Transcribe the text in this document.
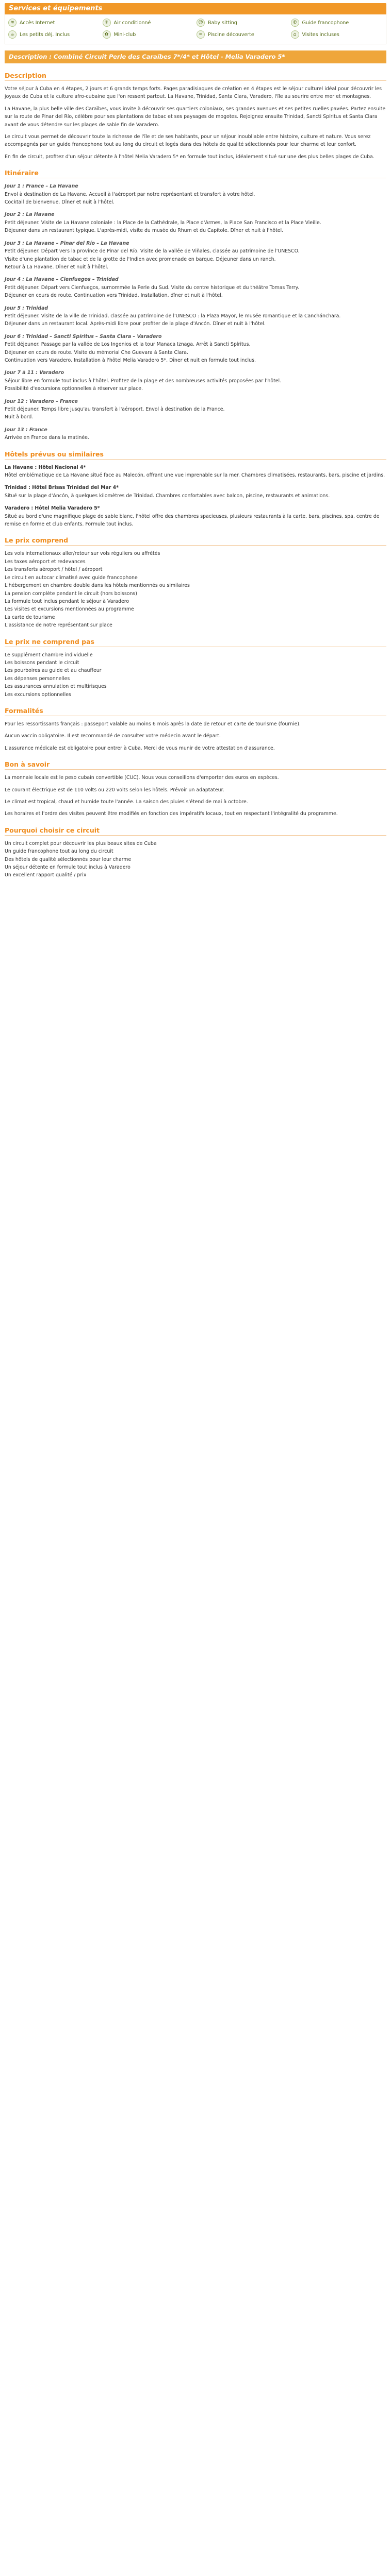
Services et équipements
≋	Accès Internet	✳	Air conditionné	☺ Baby sitting	✆	Guide francophone
☕	Les petits déj. Inclus	✿	Mini-club	≈	Piscine découverte	⌂	Visites incluses
Description : Combiné Circuit Perle des Caraïbes 7*/4* et Hôtel - Melia Varadero 5*
Description

Votre séjour à Cuba en 4 étapes, 2 jours et 6 grands temps forts. Pages paradisiaques de création en 4 étapes est le séjour culturel idéal pour découvrir les joyaux de Cuba et la culture afro-cubaine que l'on ressent partout. La Havane, Trinidad, Santa Clara, Varadero, l'île au sourire entre mer et montagnes.

La Havane, la plus belle ville des Caraïbes, vous invite à découvrir ses quartiers coloniaux, ses grandes avenues et ses petites ruelles pavées. Partez ensuite sur la route de Pinar del Río, célèbre pour ses plantations de tabac et ses paysages de mogotes. Rejoignez ensuite Trinidad, Sancti Spíritus et Santa Clara avant de vous détendre sur les plages de sable fin de Varadero.

Le circuit vous permet de découvrir toute la richesse de l'île et de ses habitants, pour un séjour inoubliable entre histoire, culture et nature. Vous serez accompagnés par un guide francophone tout au long du circuit et logés dans des hôtels de qualité sélectionnés pour leur charme et leur confort.

En fin de circuit, profitez d'un séjour détente à l'hôtel Melia Varadero 5* en formule tout inclus, idéalement situé sur une des plus belles plages de Cuba.

Itinéraire
Jour 1 : France – La Havane
Envol à destination de La Havane. Accueil à l'aéroport par notre représentant et transfert à votre hôtel.
Cocktail de bienvenue. Dîner et nuit à l'hôtel.
Jour 2 : La Havane
Petit déjeuner. Visite de La Havane coloniale : la Place de la Cathédrale, la Place d'Armes, la Place San Francisco et la Place Vieille.
Déjeuner dans un restaurant typique. L'après-midi, visite du musée du Rhum et du Capitole. Dîner et nuit à l'hôtel.
Jour 3 : La Havane – Pinar del Río – La Havane
Petit déjeuner. Départ vers la province de Pinar del Río. Visite de la vallée de Viñales, classée au patrimoine de l'UNESCO.
Visite d'une plantation de tabac et de la grotte de l'Indien avec promenade en barque. Déjeuner dans un ranch.
Retour à La Havane. Dîner et nuit à l'hôtel.
Jour 4 : La Havane – Cienfuegos – Trinidad
Petit déjeuner. Départ vers Cienfuegos, surnommée la Perle du Sud. Visite du centre historique et du théâtre Tomas Terry.
Déjeuner en cours de route. Continuation vers Trinidad. Installation, dîner et nuit à l'hôtel.
Jour 5 : Trinidad
Petit déjeuner. Visite de la ville de Trinidad, classée au patrimoine de l'UNESCO : la Plaza Mayor, le musée romantique et la Canchánchara.
Déjeuner dans un restaurant local. Après-midi libre pour profiter de la plage d'Ancón. Dîner et nuit à l'hôtel.
Jour 6 : Trinidad – Sancti Spíritus – Santa Clara – Varadero
Petit déjeuner. Passage par la vallée de Los Ingenios et la tour Manaca Iznaga. Arrêt à Sancti Spíritus.
Déjeuner en cours de route. Visite du mémorial Che Guevara à Santa Clara.
Continuation vers Varadero. Installation à l'hôtel Melia Varadero 5*. Dîner et nuit en formule tout inclus.
Jour 7 à 11 : Varadero
Séjour libre en formule tout inclus à l'hôtel. Profitez de la plage et des nombreuses activités proposées par l'hôtel.
Possibilité d'excursions optionnelles à réserver sur place.
Jour 12 : Varadero – France
Petit déjeuner. Temps libre jusqu'au transfert à l'aéroport. Envol à destination de la France.
Nuit à bord.
Jour 13 : France
Arrivée en France dans la matinée.
Hôtels prévus ou similaires
La Havane : Hôtel Nacional 4*
Hôtel emblématique de La Havane situé face au Malecón, offrant une vue imprenable sur la mer. Chambres climatisées, restaurants, bars, piscine et jardins.
Trinidad : Hôtel Brisas Trinidad del Mar 4*
Situé sur la plage d'Ancón, à quelques kilomètres de Trinidad. Chambres confortables avec balcon, piscine, restaurants et animations.
Varadero : Hôtel Melia Varadero 5*
Situé au bord d'une magnifique plage de sable blanc, l'hôtel offre des chambres spacieuses, plusieurs restaurants à la carte, bars, piscines, spa, centre de remise en forme et club enfants. Formule tout inclus.
Le prix comprend
Les vols internationaux aller/retour sur vols réguliers ou affrétés
Les taxes aéroport et redevances
Les transferts aéroport / hôtel / aéroport
Le circuit en autocar climatisé avec guide francophone
L'hébergement en chambre double dans les hôtels mentionnés ou similaires
La pension complète pendant le circuit (hors boissons)
La formule tout inclus pendant le séjour à Varadero
Les visites et excursions mentionnées au programme
La carte de tourisme
L'assistance de notre représentant sur place
Le prix ne comprend pas
Le supplément chambre individuelle
Les boissons pendant le circuit
Les pourboires au guide et au chauffeur
Les dépenses personnelles
Les assurances annulation et multirisques
Les excursions optionnelles
Formalités

Pour les ressortissants français : passeport valable au moins 6 mois après la date de retour et carte de tourisme (fournie).

Aucun vaccin obligatoire. Il est recommandé de consulter votre médecin avant le départ.

L'assurance médicale est obligatoire pour entrer à Cuba. Merci de vous munir de votre attestation d'assurance.

Bon à savoir

La monnaie locale est le peso cubain convertible (CUC). Nous vous conseillons d'emporter des euros en espèces.

Le courant électrique est de 110 volts ou 220 volts selon les hôtels. Prévoir un adaptateur.

Le climat est tropical, chaud et humide toute l'année. La saison des pluies s'étend de mai à octobre.

Les horaires et l'ordre des visites peuvent être modifiés en fonction des impératifs locaux, tout en respectant l'intégralité du programme.

Pourquoi choisir ce circuit
Un circuit complet pour découvrir les plus beaux sites de Cuba
Un guide francophone tout au long du circuit
Des hôtels de qualité sélectionnés pour leur charme
Un séjour détente en formule tout inclus à Varadero
Un excellent rapport qualité / prix
